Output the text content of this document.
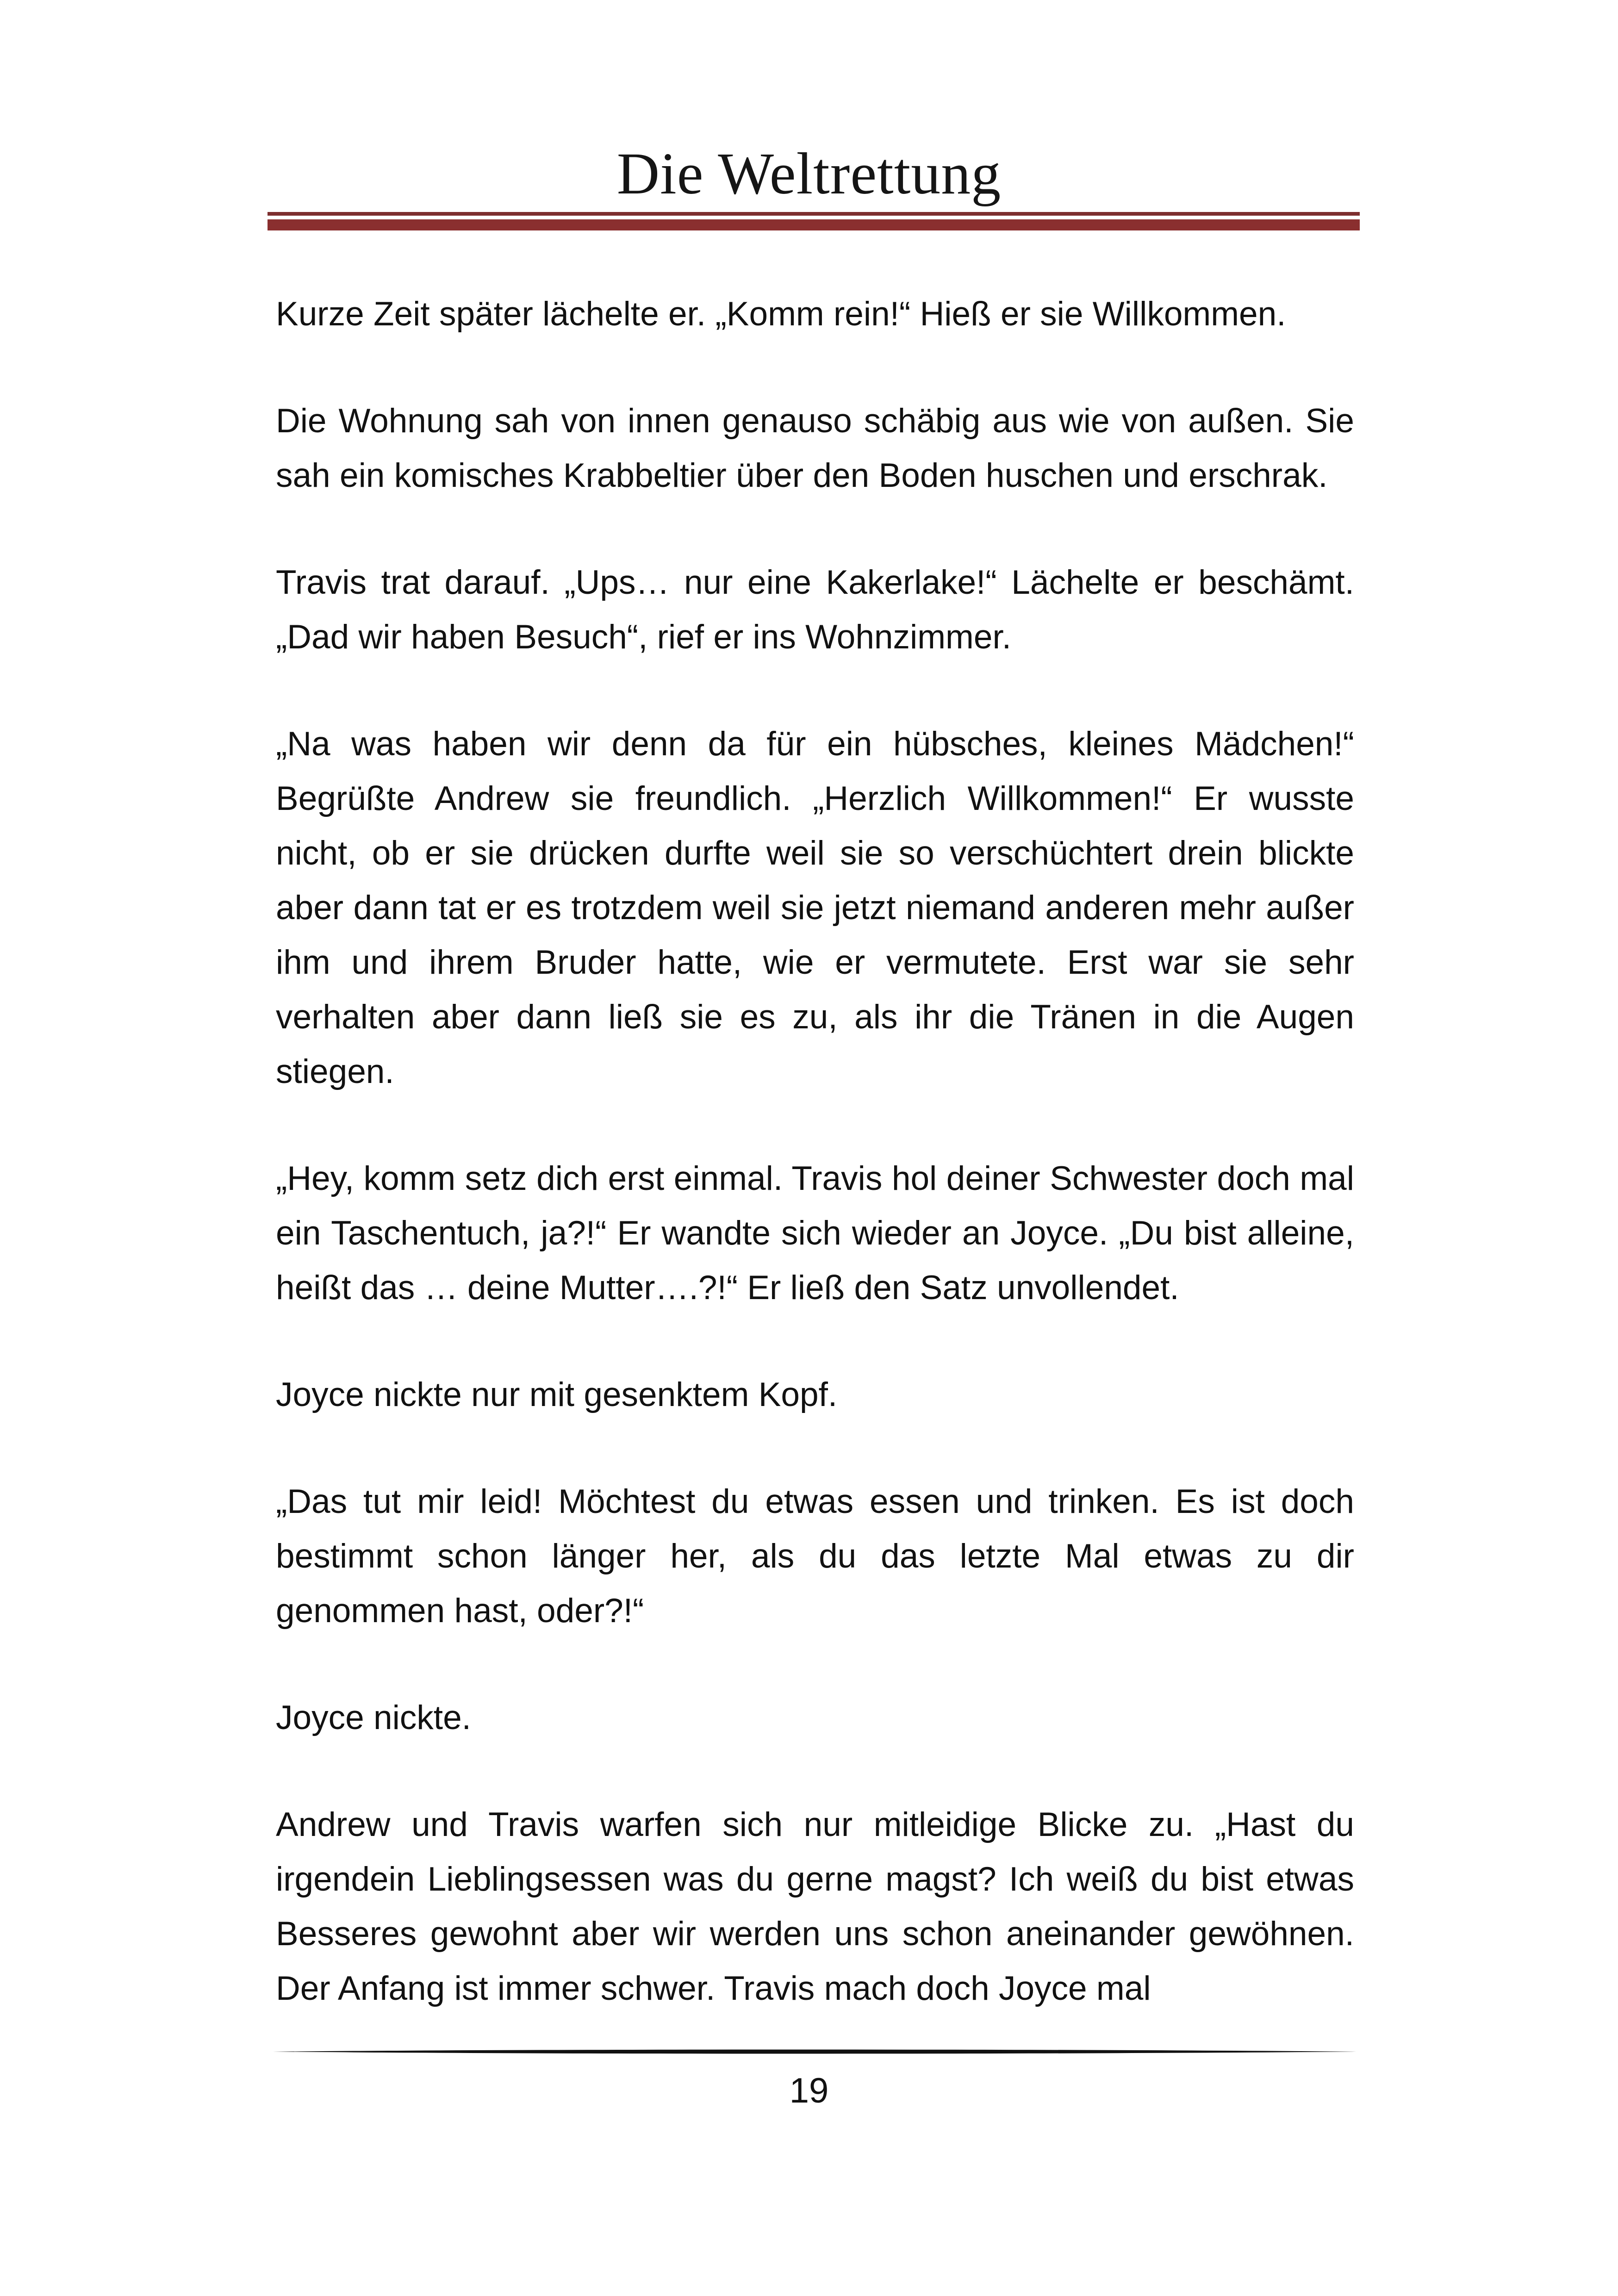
Die Weltrettung

Kurze Zeit später lächelte er. „Komm rein!“ Hieß er sie Willkommen.

Die Wohnung sah von innen genauso schäbig aus wie von außen. Sie sah ein komisches Krabbeltier über den Boden huschen und erschrak.

Travis trat darauf. „Ups… nur eine Kakerlake!“ Lächelte er beschämt. „Dad wir haben Besuch“, rief er ins Wohnzimmer.

„Na was haben wir denn da für ein hübsches, kleines Mädchen!“ Begrüßte Andrew sie freundlich. „Herzlich Willkommen!“ Er wusste nicht, ob er sie drücken durfte weil sie so verschüchtert drein blickte aber dann tat er es trotzdem weil sie jetzt niemand anderen mehr außer ihm und ihrem Bruder hatte, wie er vermutete. Erst war sie sehr verhalten aber dann ließ sie es zu, als ihr die Tränen in die Augen stiegen.

„Hey, komm setz dich erst einmal. Travis hol deiner Schwester doch mal ein Taschentuch, ja?!“ Er wandte sich wieder an Joyce. „Du bist alleine, heißt das … deine Mutter….?!“ Er ließ den Satz unvollendet.

Joyce nickte nur mit gesenktem Kopf.

„Das tut mir leid! Möchtest du etwas essen und trinken. Es ist doch bestimmt schon länger her, als du das letzte Mal etwas zu dir genommen hast, oder?!“

Joyce nickte.

Andrew und Travis warfen sich nur mitleidige Blicke zu. „Hast du irgendein Lieblingsessen was du gerne magst? Ich weiß du bist etwas Besseres gewohnt aber wir werden uns schon aneinander gewöhnen. Der Anfang ist immer schwer. Travis mach doch Joyce mal

19
